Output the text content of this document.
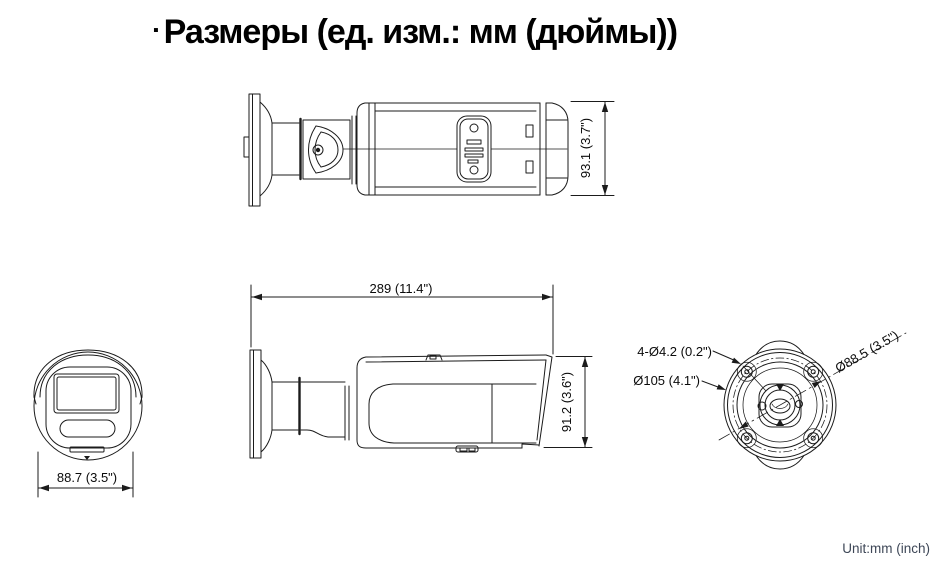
▪ Размеры (ед. изм.: мм (дюймы))
93.1 (3.7")
289 (11.4")
91.2 (3.6")
88.7 (3.5")
4-Ø4.2 (0.2")
Ø105 (4.1")
Ø88.5 (3.5")
Unit:mm (inch)
